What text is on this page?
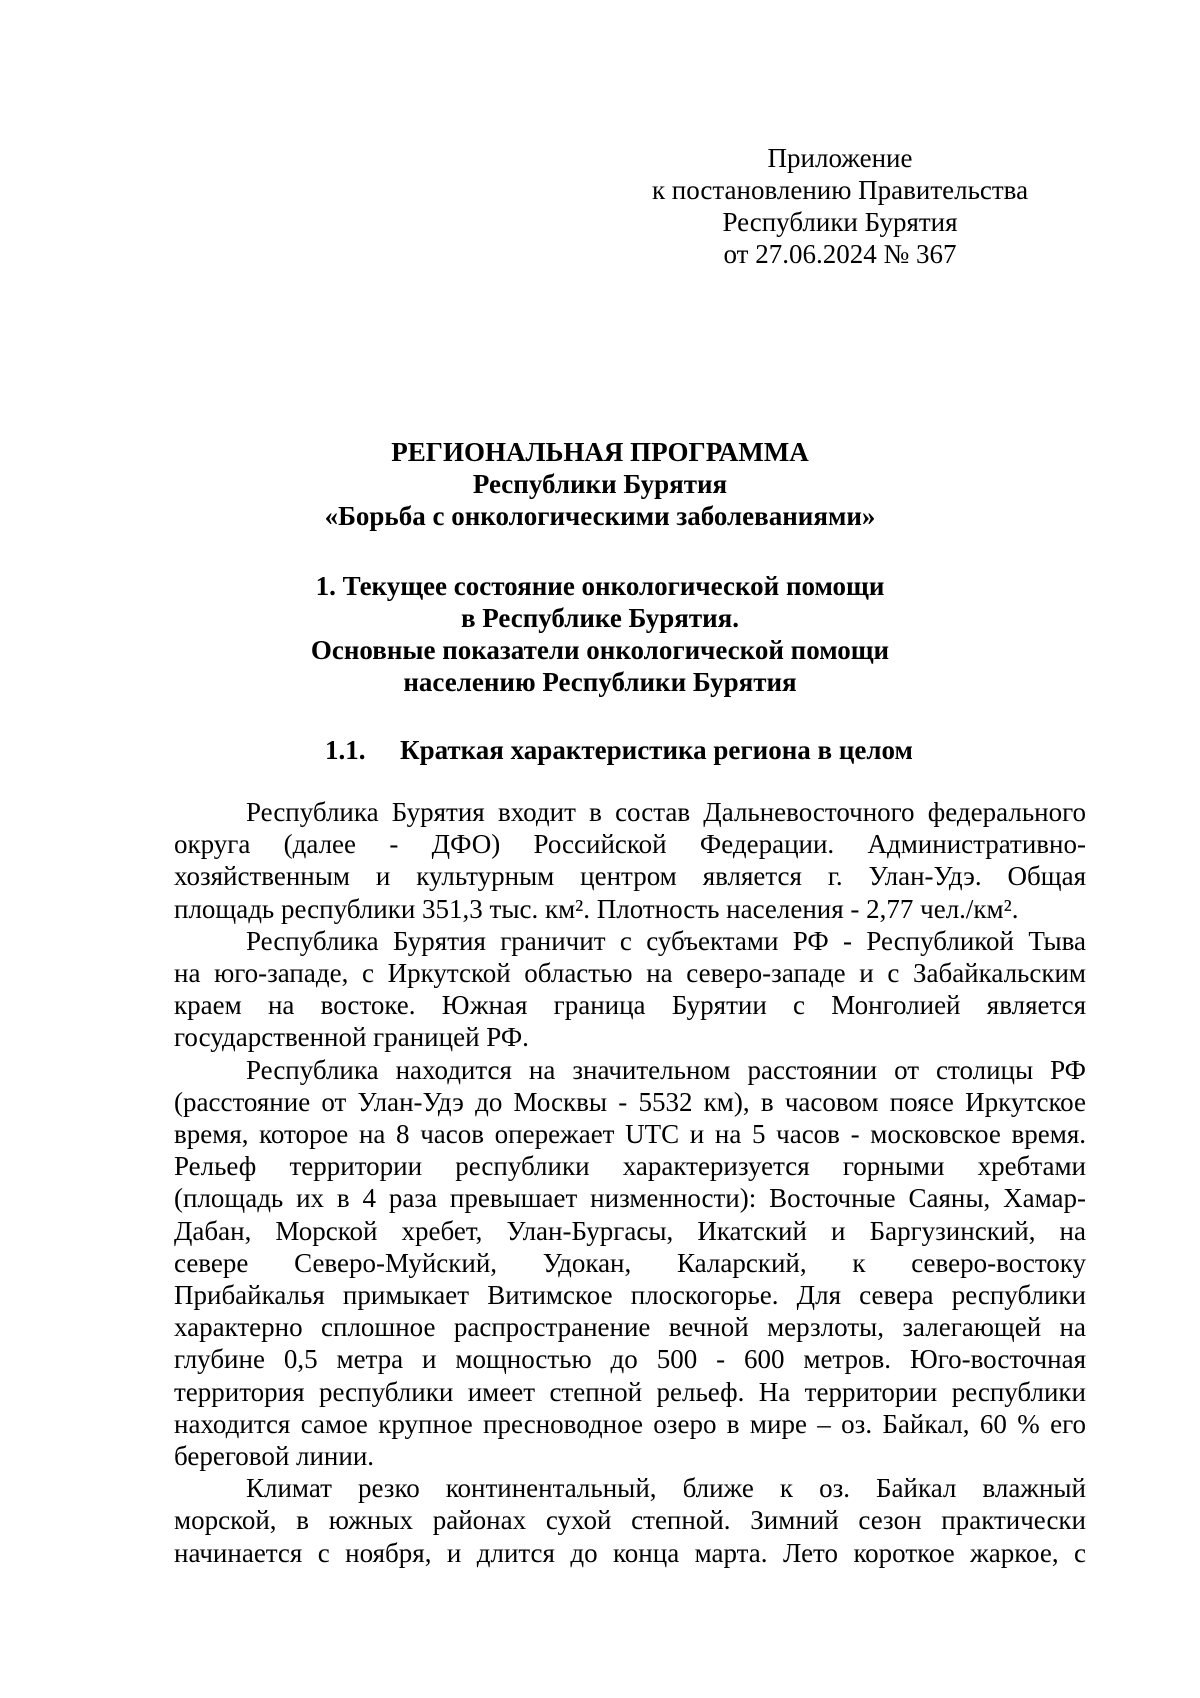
Приложение
к постановлению Правительства
Республики Бурятия
от 27.06.2024 № 367
РЕГИОНАЛЬНАЯ ПРОГРАММА
Республики Бурятия
«Борьба с онкологическими заболеваниями»
1. Текущее состояние онкологической помощи
в Республике Бурятия.
Основные показатели онкологической помощи
населению Республики Бурятия
1.1. Краткая характеристика региона в целом

Республика Бурятия входит в состав Дальневосточного федерального
округа (далее - ДФО) Российской Федерации. Административно-
хозяйственным и культурным центром является г. Улан-Удэ. Общая
площадь республики 351,3 тыс. км². Плотность населения - 2,77 чел./км².

Республика Бурятия граничит с субъектами РФ - Республикой Тыва
на юго-западе, с Иркутской областью на северо-западе и с Забайкальским
краем на востоке. Южная граница Бурятии с Монголией является
государственной границей РФ.

Республика находится на значительном расстоянии от столицы РФ
(расстояние от Улан-Удэ до Москвы - 5532 км), в часовом поясе Иркутское
время, которое на 8 часов опережает UTC и на 5 часов - московское время.
Рельеф территории республики характеризуется горными хребтами
(площадь их в 4 раза превышает низменности): Восточные Саяны, Хамар-
Дабан, Морской хребет, Улан-Бургасы, Икатский и Баргузинский, на
севере Северо-Муйский, Удокан, Каларский, к северо-востоку
Прибайкалья примыкает Витимское плоскогорье. Для севера республики
характерно сплошное распространение вечной мерзлоты, залегающей на
глубине 0,5 метра и мощностью до 500 - 600 метров. Юго-восточная
территория республики имеет степной рельеф. На территории республики
находится самое крупное пресноводное озеро в мире – оз. Байкал, 60 % его
береговой линии.

Климат резко континентальный, ближе к оз. Байкал влажный
морской, в южных районах сухой степной. Зимний сезон практически
начинается с ноября, и длится до конца марта. Лето короткое жаркое, с
